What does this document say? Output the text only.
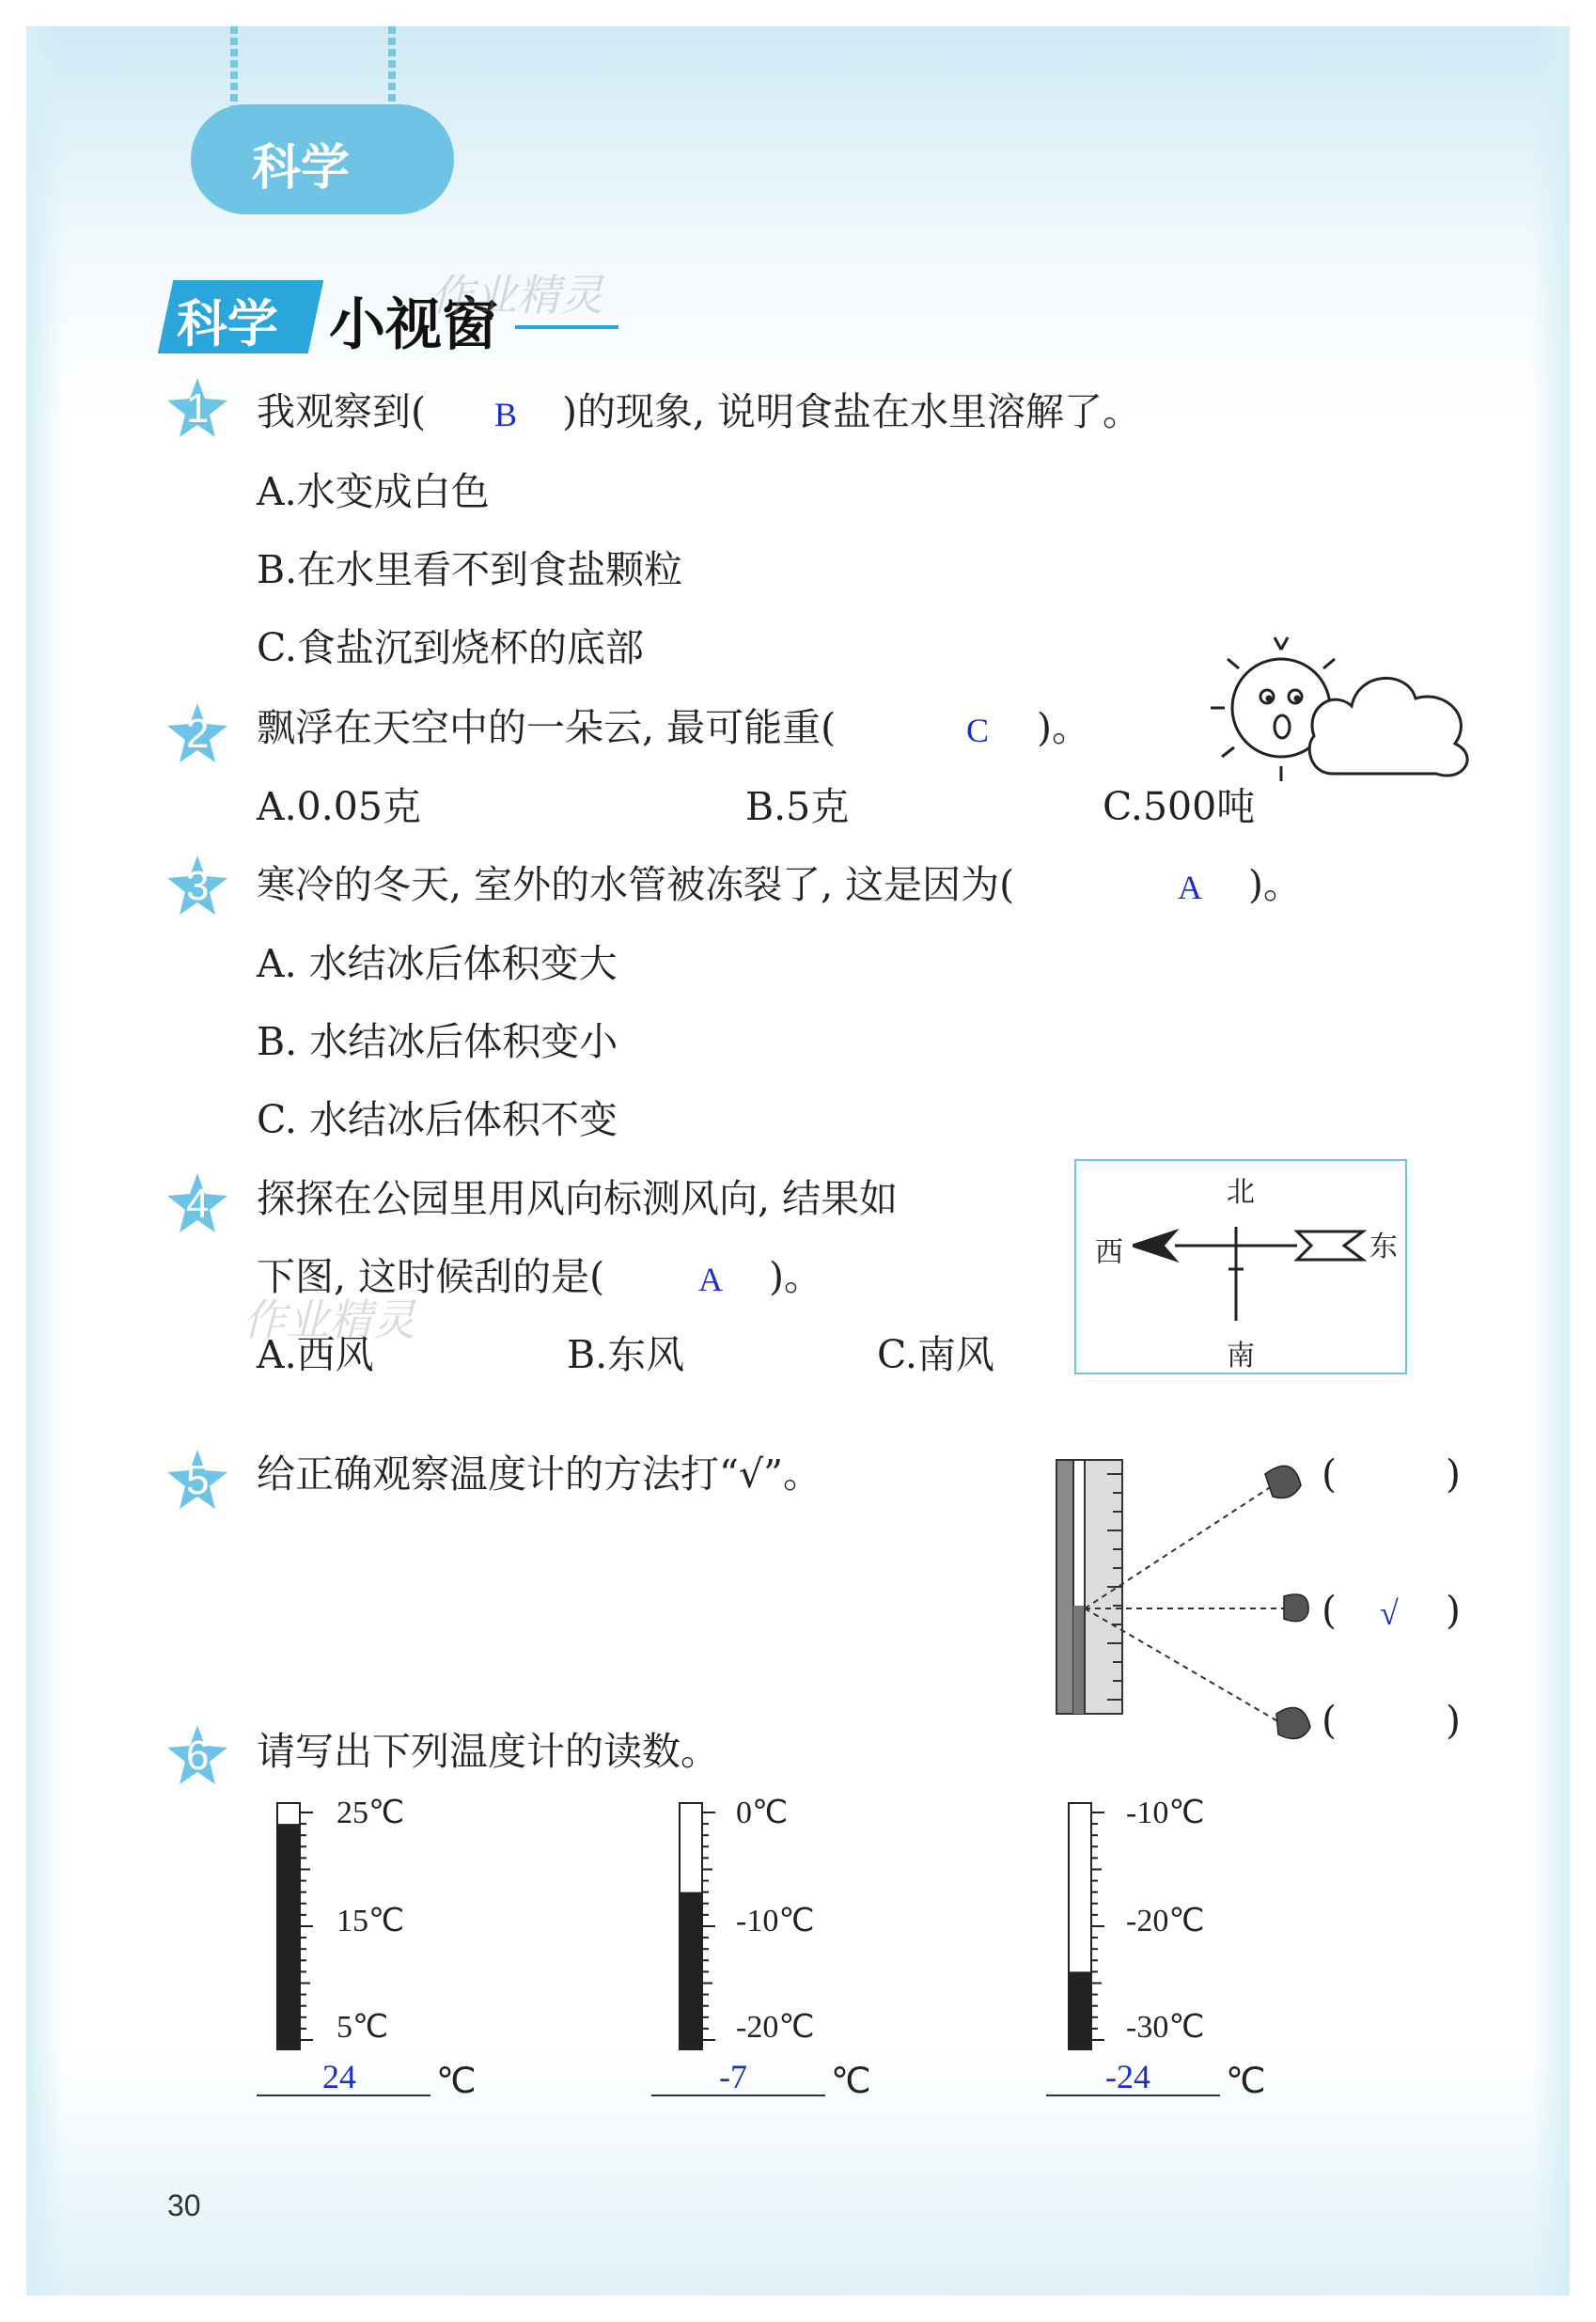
科学
科学 小视窗
作业精灵
1 我观察到( B )的现象, 说明食盐在水里溶解了。
A.水变成白色
B.在水里看不到食盐颗粒
C.食盐沉到烧杯的底部
2 飘浮在天空中的一朵云, 最可能重(	C )。
A.0.05克	B.5克	C.500吨
3 寒冷的冬天, 室外的水管被冻裂了, 这是因为(	A )。
A. 水结冰后体积变大
B. 水结冰后体积变小
C. 水结冰后体积不变
4 探探在公园里用风向标测风向, 结果如
下图, 这时候刮的是(	A )。
A.西风	B.东风	C.南风
作业精灵
北
南
西	东
5 给正确观察温度计的方法打“√”。	(	)
( √ )
(	)
6 请写出下列温度计的读数。
25℃
15℃
5℃
24 ℃
0℃
-10℃
-20℃
-7 ℃
-10℃
-20℃
-30℃
-24 ℃
30
